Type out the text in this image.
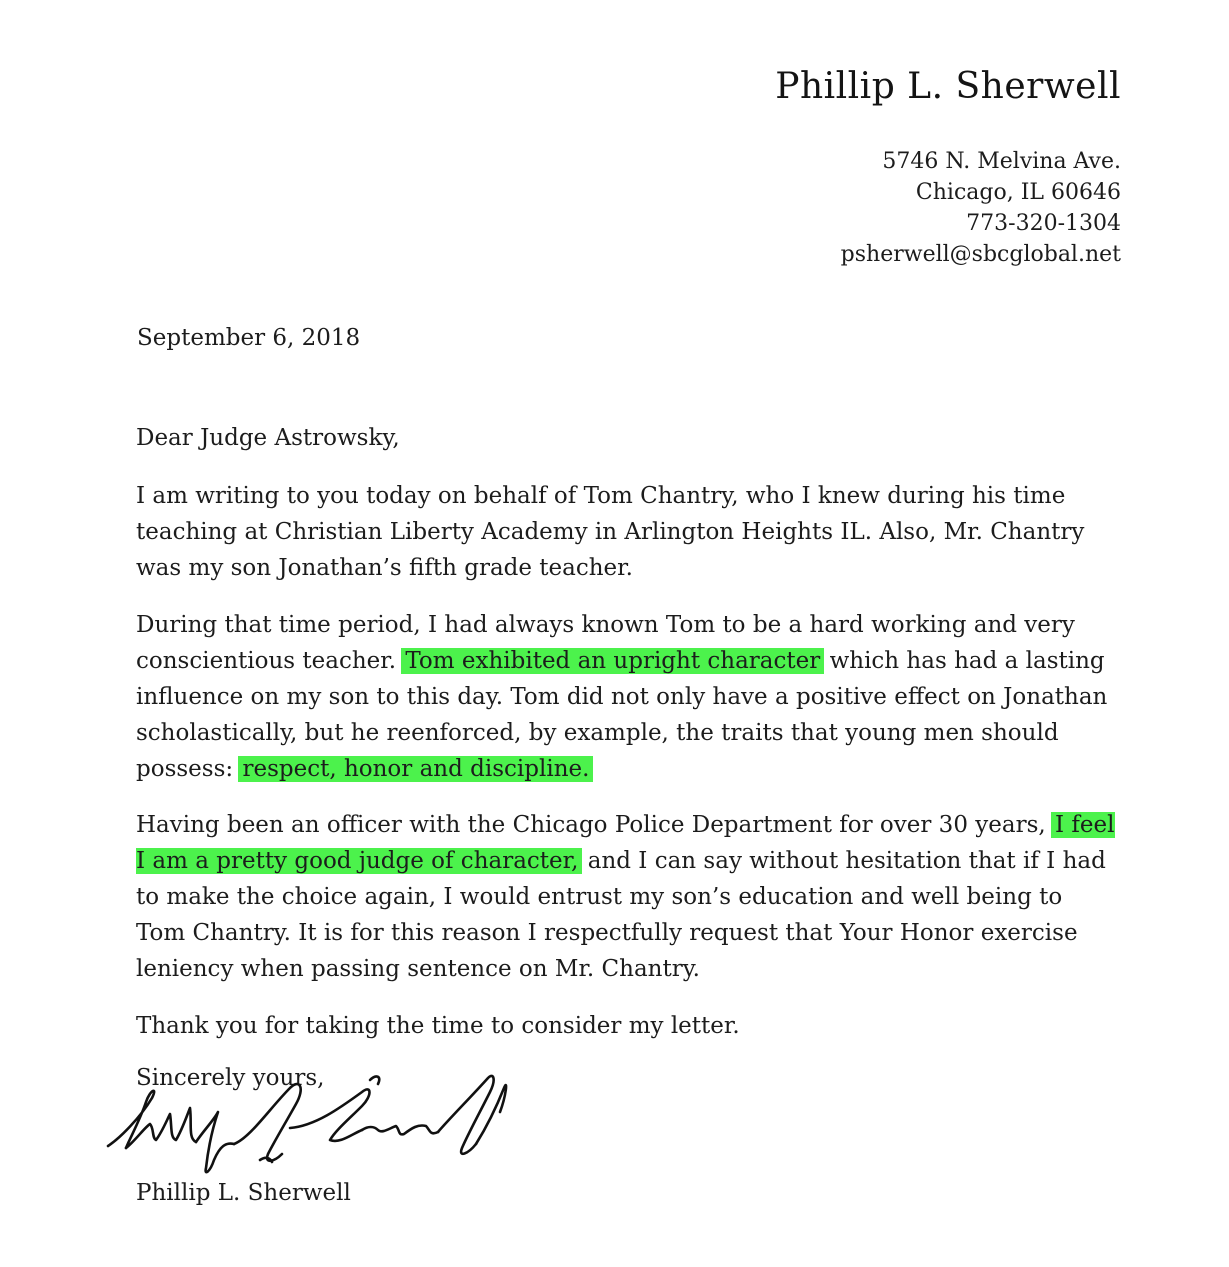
Phillip L. Sherwell
5746 N. Melvina Ave.
Chicago, IL 60646
773-320-1304
psherwell@sbcglobal.net
September 6, 2018

Dear Judge Astrowsky,

I am writing to you today on behalf of Tom Chantry, who I knew during his time teaching at Christian Liberty Academy in Arlington Heights IL. Also, Mr. Chantry was my son Jonathan’s fifth grade teacher.

During that time period, I had always known Tom to be a hard working and very conscientious teacher. Tom exhibited an upright character which has had a lasting influence on my son to this day. Tom did not only have a positive effect on Jonathan scholastically, but he reenforced, by example, the traits that young men should possess: respect, honor and discipline.

Having been an officer with the Chicago Police Department for over 30 years, I feel I am a pretty good judge of character, and I can say without hesitation that if I had to make the choice again, I would entrust my son’s education and well being to Tom Chantry. It is for this reason I respectfully request that Your Honor exercise leniency when passing sentence on Mr. Chantry.

Thank you for taking the time to consider my letter.

Sincerely yours,
Phillip L. Sherwell
